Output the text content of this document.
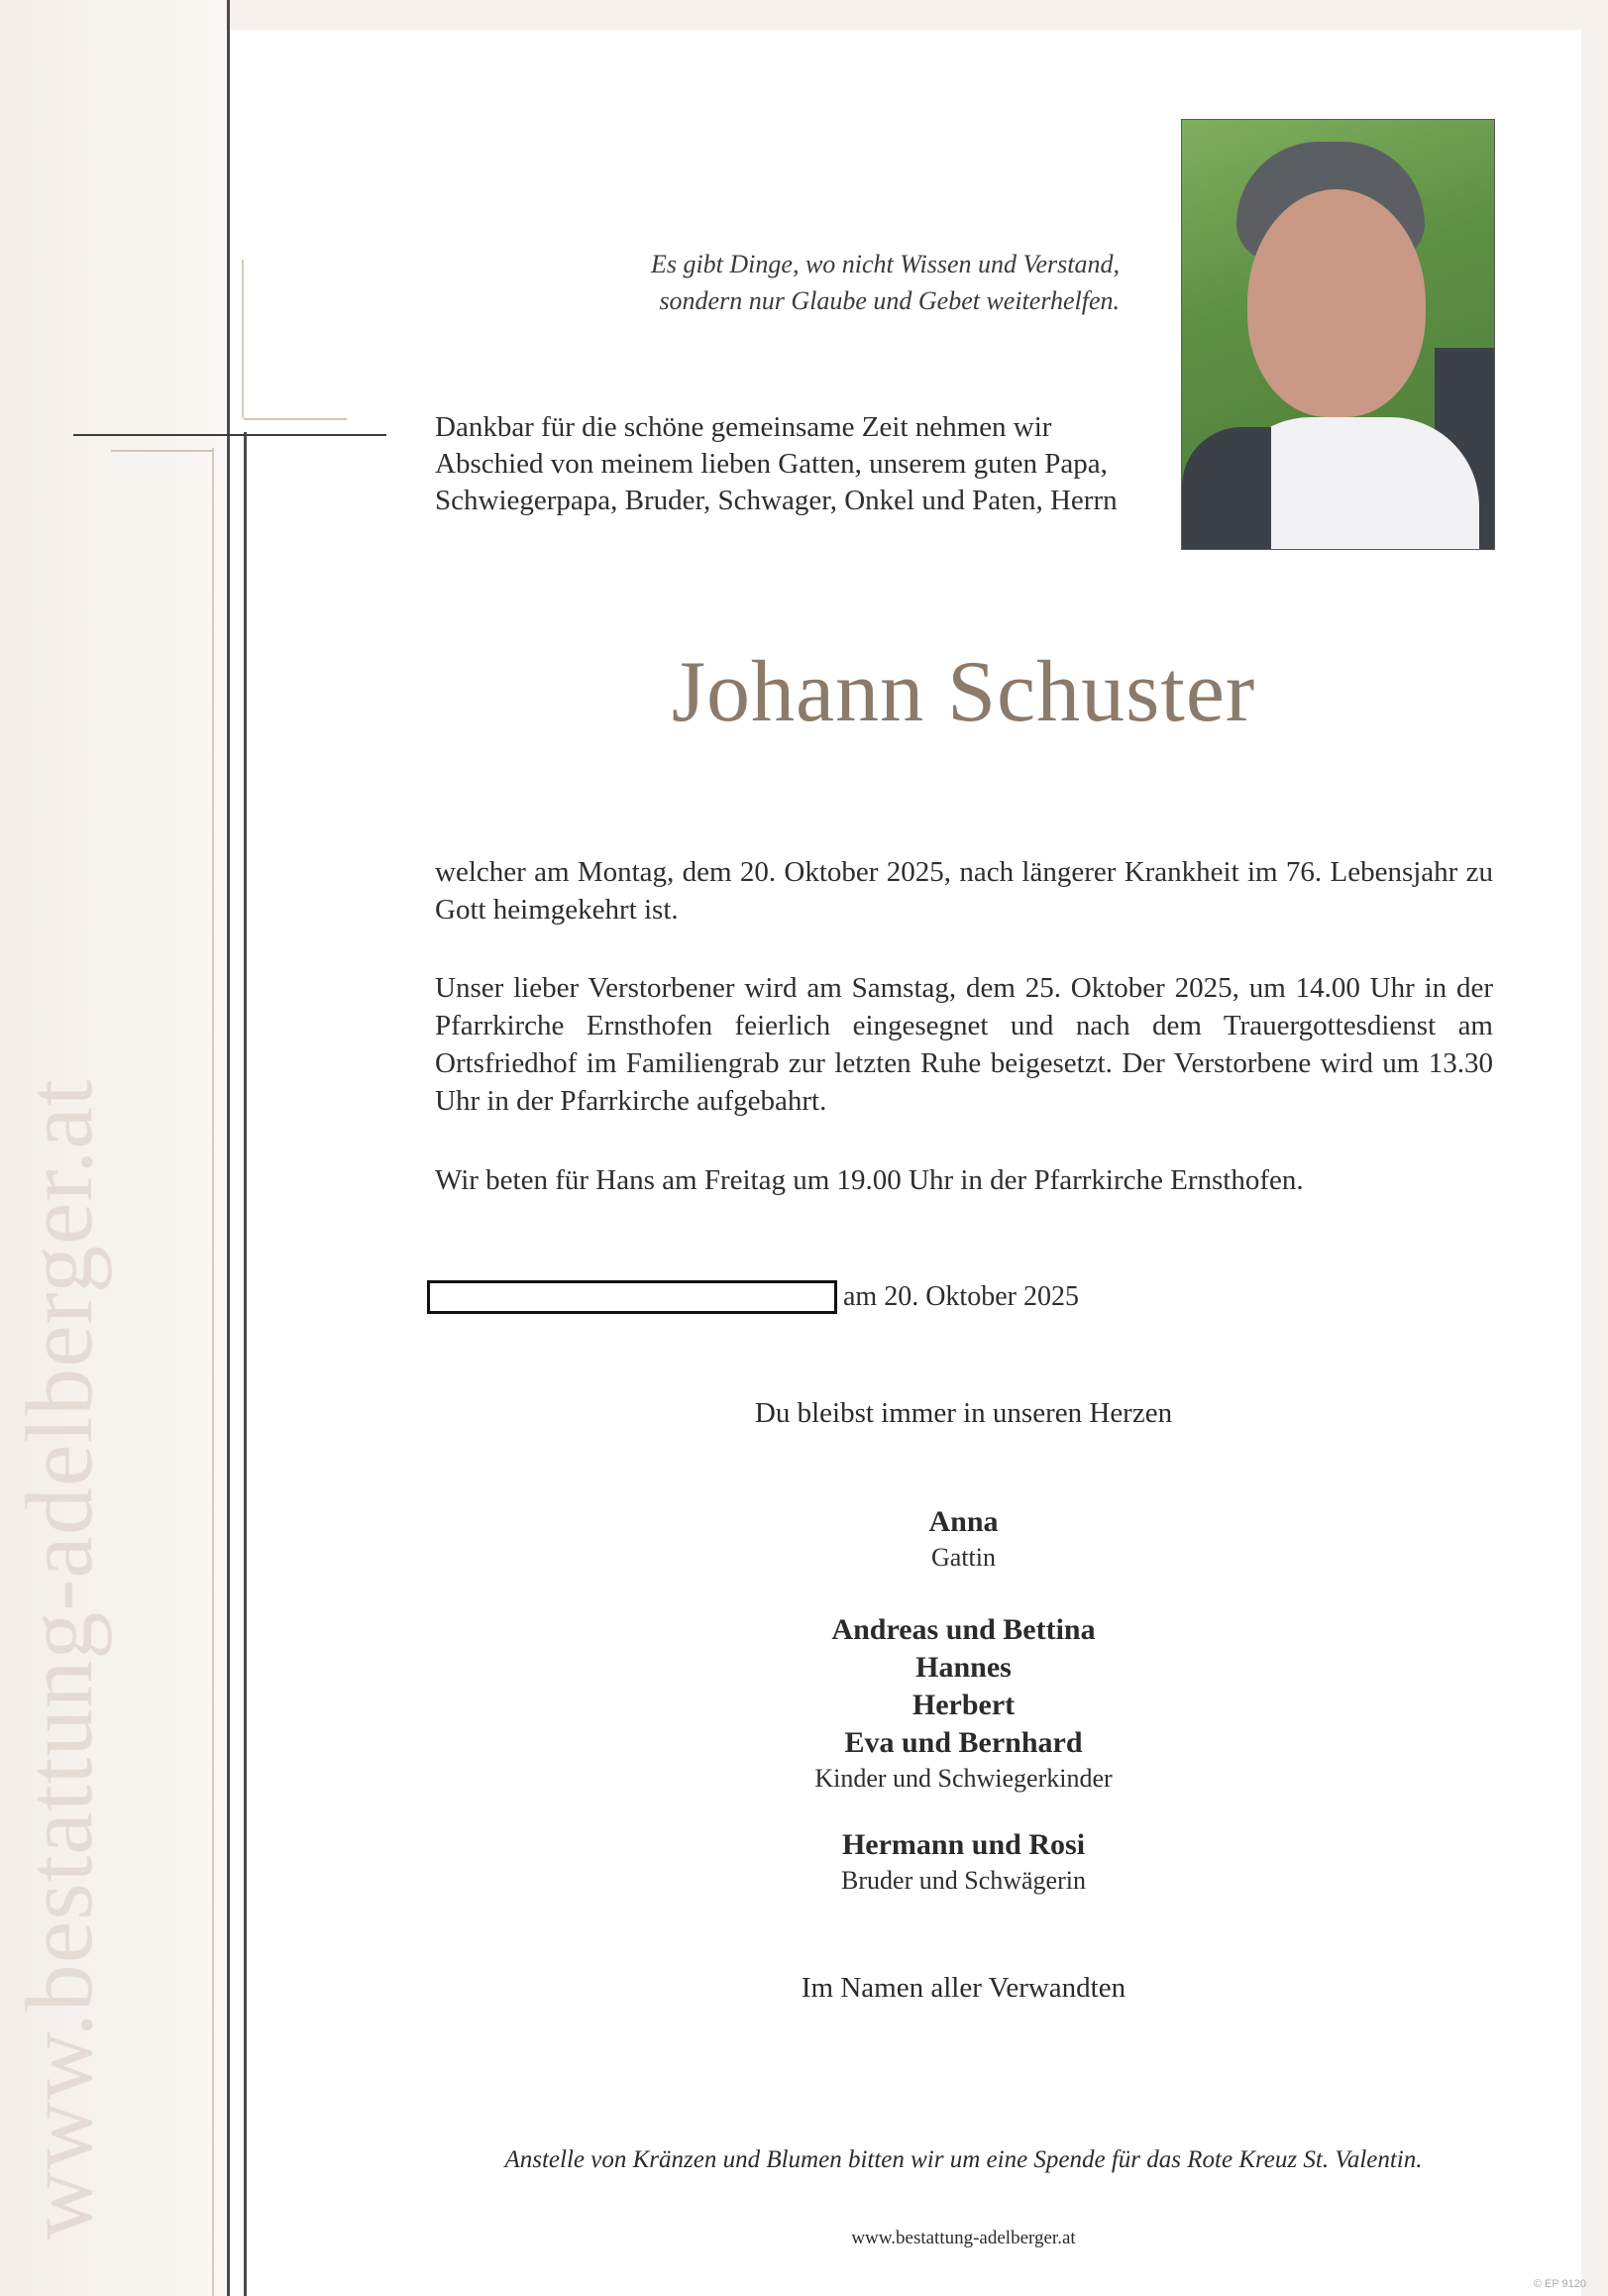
www.bestattung-adelberger.at
Es gibt Dinge, wo nicht Wissen und Verstand,
sondern nur Glaube und Gebet weiterhelfen.
Dankbar für die schöne gemeinsame Zeit nehmen wir Abschied von meinem lieben Gatten, unserem guten Papa, Schwiegerpapa, Bruder, Schwager, Onkel und Paten, Herrn
Johann Schuster
welcher am Montag, dem 20. Oktober 2025, nach längerer Krankheit im 76. Lebensjahr zu Gott heimgekehrt ist.
Unser lieber Verstorbener wird am Samstag, dem 25. Oktober 2025, um 14.00 Uhr in der Pfarrkirche Ernsthofen feierlich eingesegnet und nach dem Trauergottesdienst am Ortsfriedhof im Familiengrab zur letzten Ruhe beigesetzt. Der Verstorbene wird um 13.30 Uhr in der Pfarrkirche aufgebahrt.
Wir beten für Hans am Freitag um 19.00 Uhr in der Pfarrkirche Ernsthofen.
am 20. Oktober 2025
Du bleibst immer in unseren Herzen
Anna
Gattin
Andreas und Bettina
Hannes
Herbert
Eva und Bernhard
Kinder und Schwiegerkinder
Hermann und Rosi
Bruder und Schwägerin
Im Namen aller Verwandten
Anstelle von Kränzen und Blumen bitten wir um eine Spende für das Rote Kreuz St. Valentin.
www.bestattung-adelberger.at
© EP 9120
